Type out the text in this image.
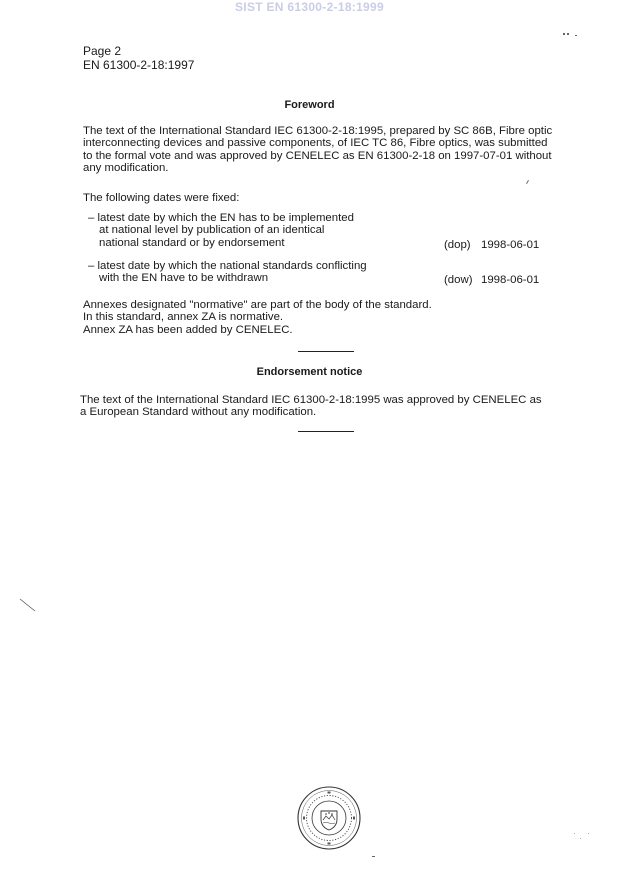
SIST EN 61300-2-18:1999
Page 2
EN 61300-2-18:1997
Foreword
The text of the International Standard IEC 61300-2-18:1995, prepared by SC 86B, Fibre optic
interconnecting devices and passive components, of IEC TC 86, Fibre optics, was submitted
to the formal vote and was approved by CENELEC as EN 61300-2-18 on 1997-07-01 without
any modification.
The following dates were fixed:
– latest date by which the EN has to be implemented
at national level by publication of an identical
national standard or by endorsement	(dop) 1998-06-01
– latest date by which the national standards conflicting
with the EN have to be withdrawn	(dow) 1998-06-01
Annexes designated "normative" are part of the body of the standard.
In this standard, annex ZA is normative.
Annex ZA has been added by CENELEC.
Endorsement notice
The text of the International Standard IEC 61300-2-18:1995 was approved by CENELEC as
a European Standard without any modification.
